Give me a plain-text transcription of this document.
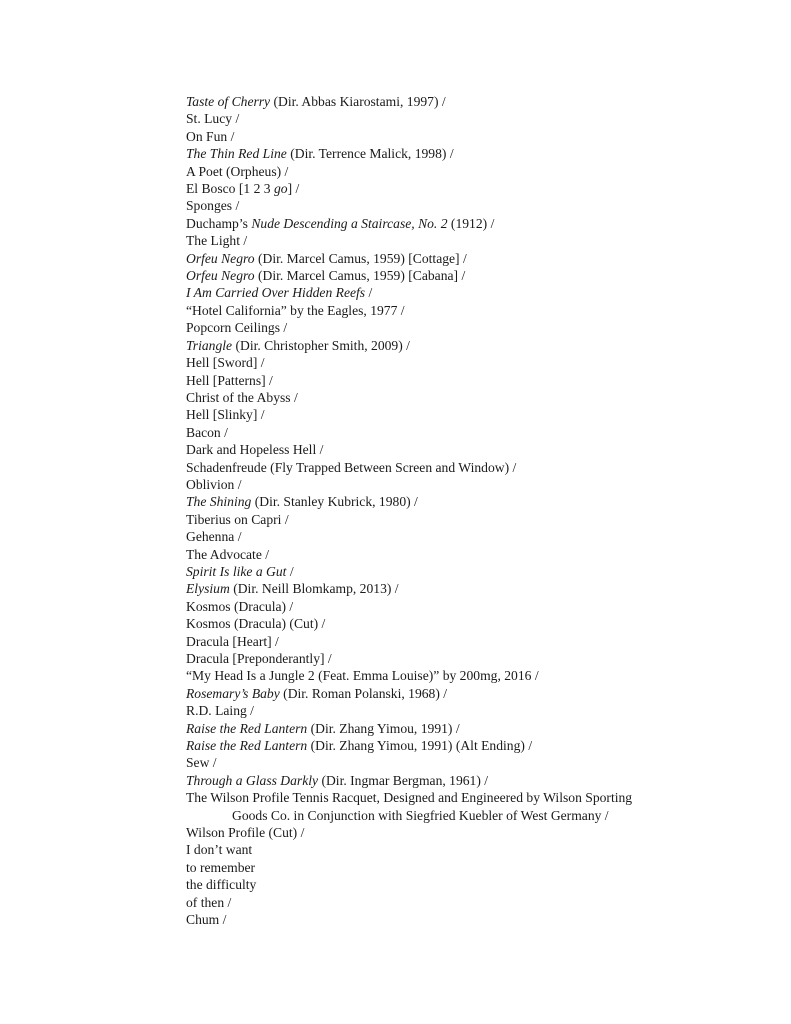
Taste of Cherry (Dir. Abbas Kiarostami, 1997) /
St. Lucy /
On Fun /
The Thin Red Line (Dir. Terrence Malick, 1998) /
A Poet (Orpheus) /
El Bosco [1 2 3 go] /
Sponges /
Duchamp’s Nude Descending a Staircase, No. 2 (1912) /
The Light /
Orfeu Negro (Dir. Marcel Camus, 1959) [Cottage] /
Orfeu Negro (Dir. Marcel Camus, 1959) [Cabana] /
I Am Carried Over Hidden Reefs /
“Hotel California” by the Eagles, 1977 /
Popcorn Ceilings /
Triangle (Dir. Christopher Smith, 2009) /
Hell [Sword] /
Hell [Patterns] /
Christ of the Abyss /
Hell [Slinky] /
Bacon /
Dark and Hopeless Hell /
Schadenfreude (Fly Trapped Between Screen and Window) /
Oblivion /
The Shining (Dir. Stanley Kubrick, 1980) /
Tiberius on Capri /
Gehenna /
The Advocate /
Spirit Is like a Gut /
Elysium (Dir. Neill Blomkamp, 2013) /
Kosmos (Dracula) /
Kosmos (Dracula) (Cut) /
Dracula [Heart] /
Dracula [Preponderantly] /
“My Head Is a Jungle 2 (Feat. Emma Louise)” by 200mg, 2016 /
Rosemary’s Baby (Dir. Roman Polanski, 1968) /
R.D. Laing /
Raise the Red Lantern (Dir. Zhang Yimou, 1991) /
Raise the Red Lantern (Dir. Zhang Yimou, 1991) (Alt Ending) /
Sew /
Through a Glass Darkly (Dir. Ingmar Bergman, 1961) /
The Wilson Profile Tennis Racquet, Designed and Engineered by Wilson Sporting
Goods Co. in Conjunction with Siegfried Kuebler of West Germany /
Wilson Profile (Cut) /
I don’t want
to remember
the difficulty
of then /
Chum /
